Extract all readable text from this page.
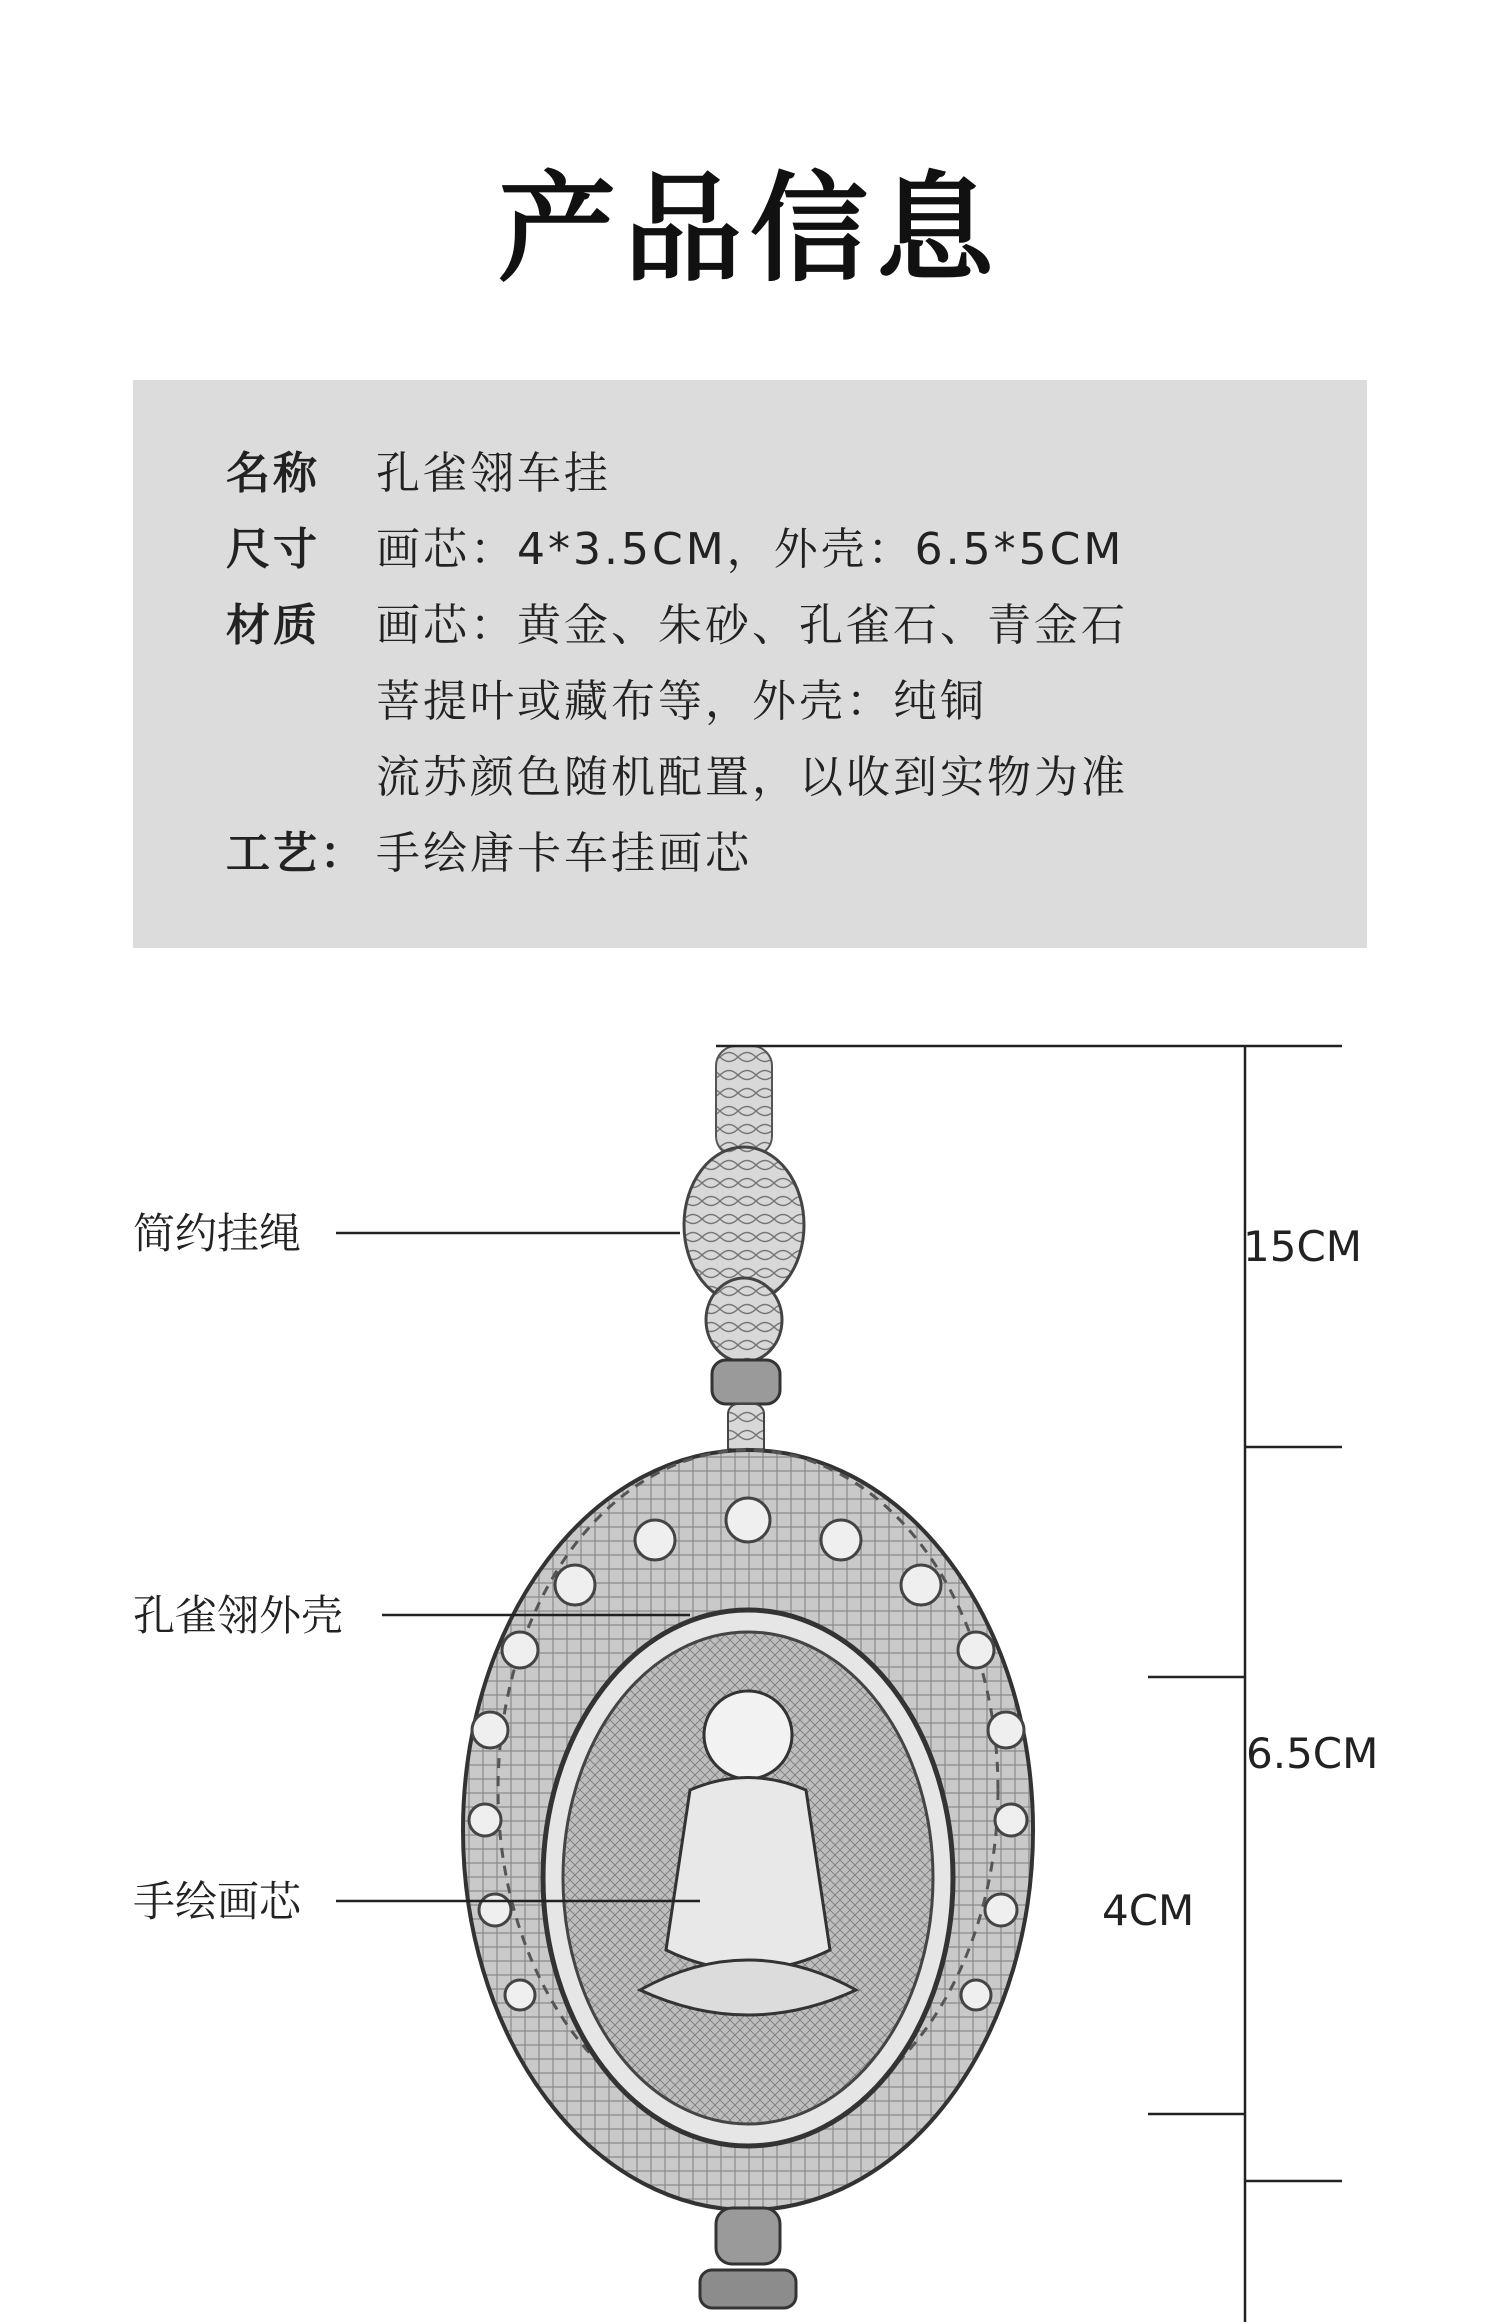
产品信息
名称 孔雀翎车挂
尺寸 画芯：4*3.5CM，外壳：6.5*5CM
材质 画芯：黄金、朱砂、孔雀石、青金石
菩提叶或藏布等，外壳：纯铜
流苏颜色随机配置，以收到实物为准
工艺： 手绘唐卡车挂画芯
简约挂绳
孔雀翎外壳
手绘画芯
15CM
6.5CM
4CM
